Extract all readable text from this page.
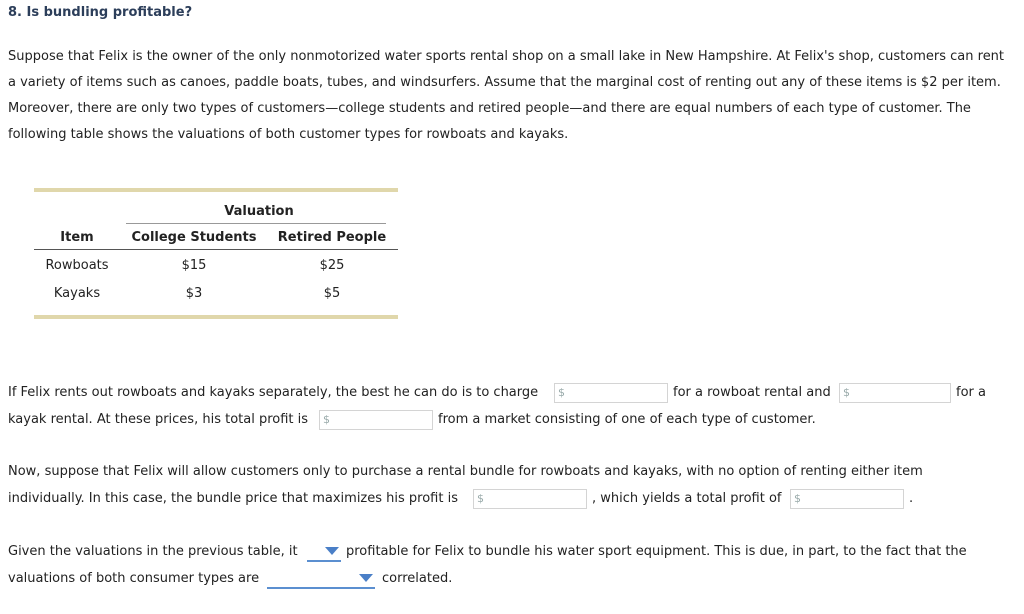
8. Is bundling profitable?

Suppose that Felix is the owner of the only nonmotorized water sports rental shop on a small lake in New Hampshire. At Felix's shop, customers can rent a variety of items such as canoes, paddle boats, tubes, and windsurfers. Assume that the marginal cost of renting out any of these items is $2 per item. Moreover, there are only two types of customers—college students and retired people—and there are equal numbers of each type of customer. The following table shows the valuations of both customer types for rowboats and kayaks.

Valuation
Item	College Students	Retired People
Rowboats	$15	$25
Kayaks	$3	$5
If Felix rents out rowboats and kayaks separately, the best he can do is to charge $	for a rowboat rental and $	for a
kayak rental. At these prices, his total profit is $	from a market consisting of one of each type of customer.
Now, suppose that Felix will allow customers only to purchase a rental bundle for rowboats and kayaks, with no option of renting either item
individually. In this case, the bundle price that maximizes his profit is $	, which yields a total profit of $	.
Given the valuations in the previous table, it	profitable for Felix to bundle his water sport equipment. This is due, in part, to the fact that the
valuations of both consumer types are	correlated.
